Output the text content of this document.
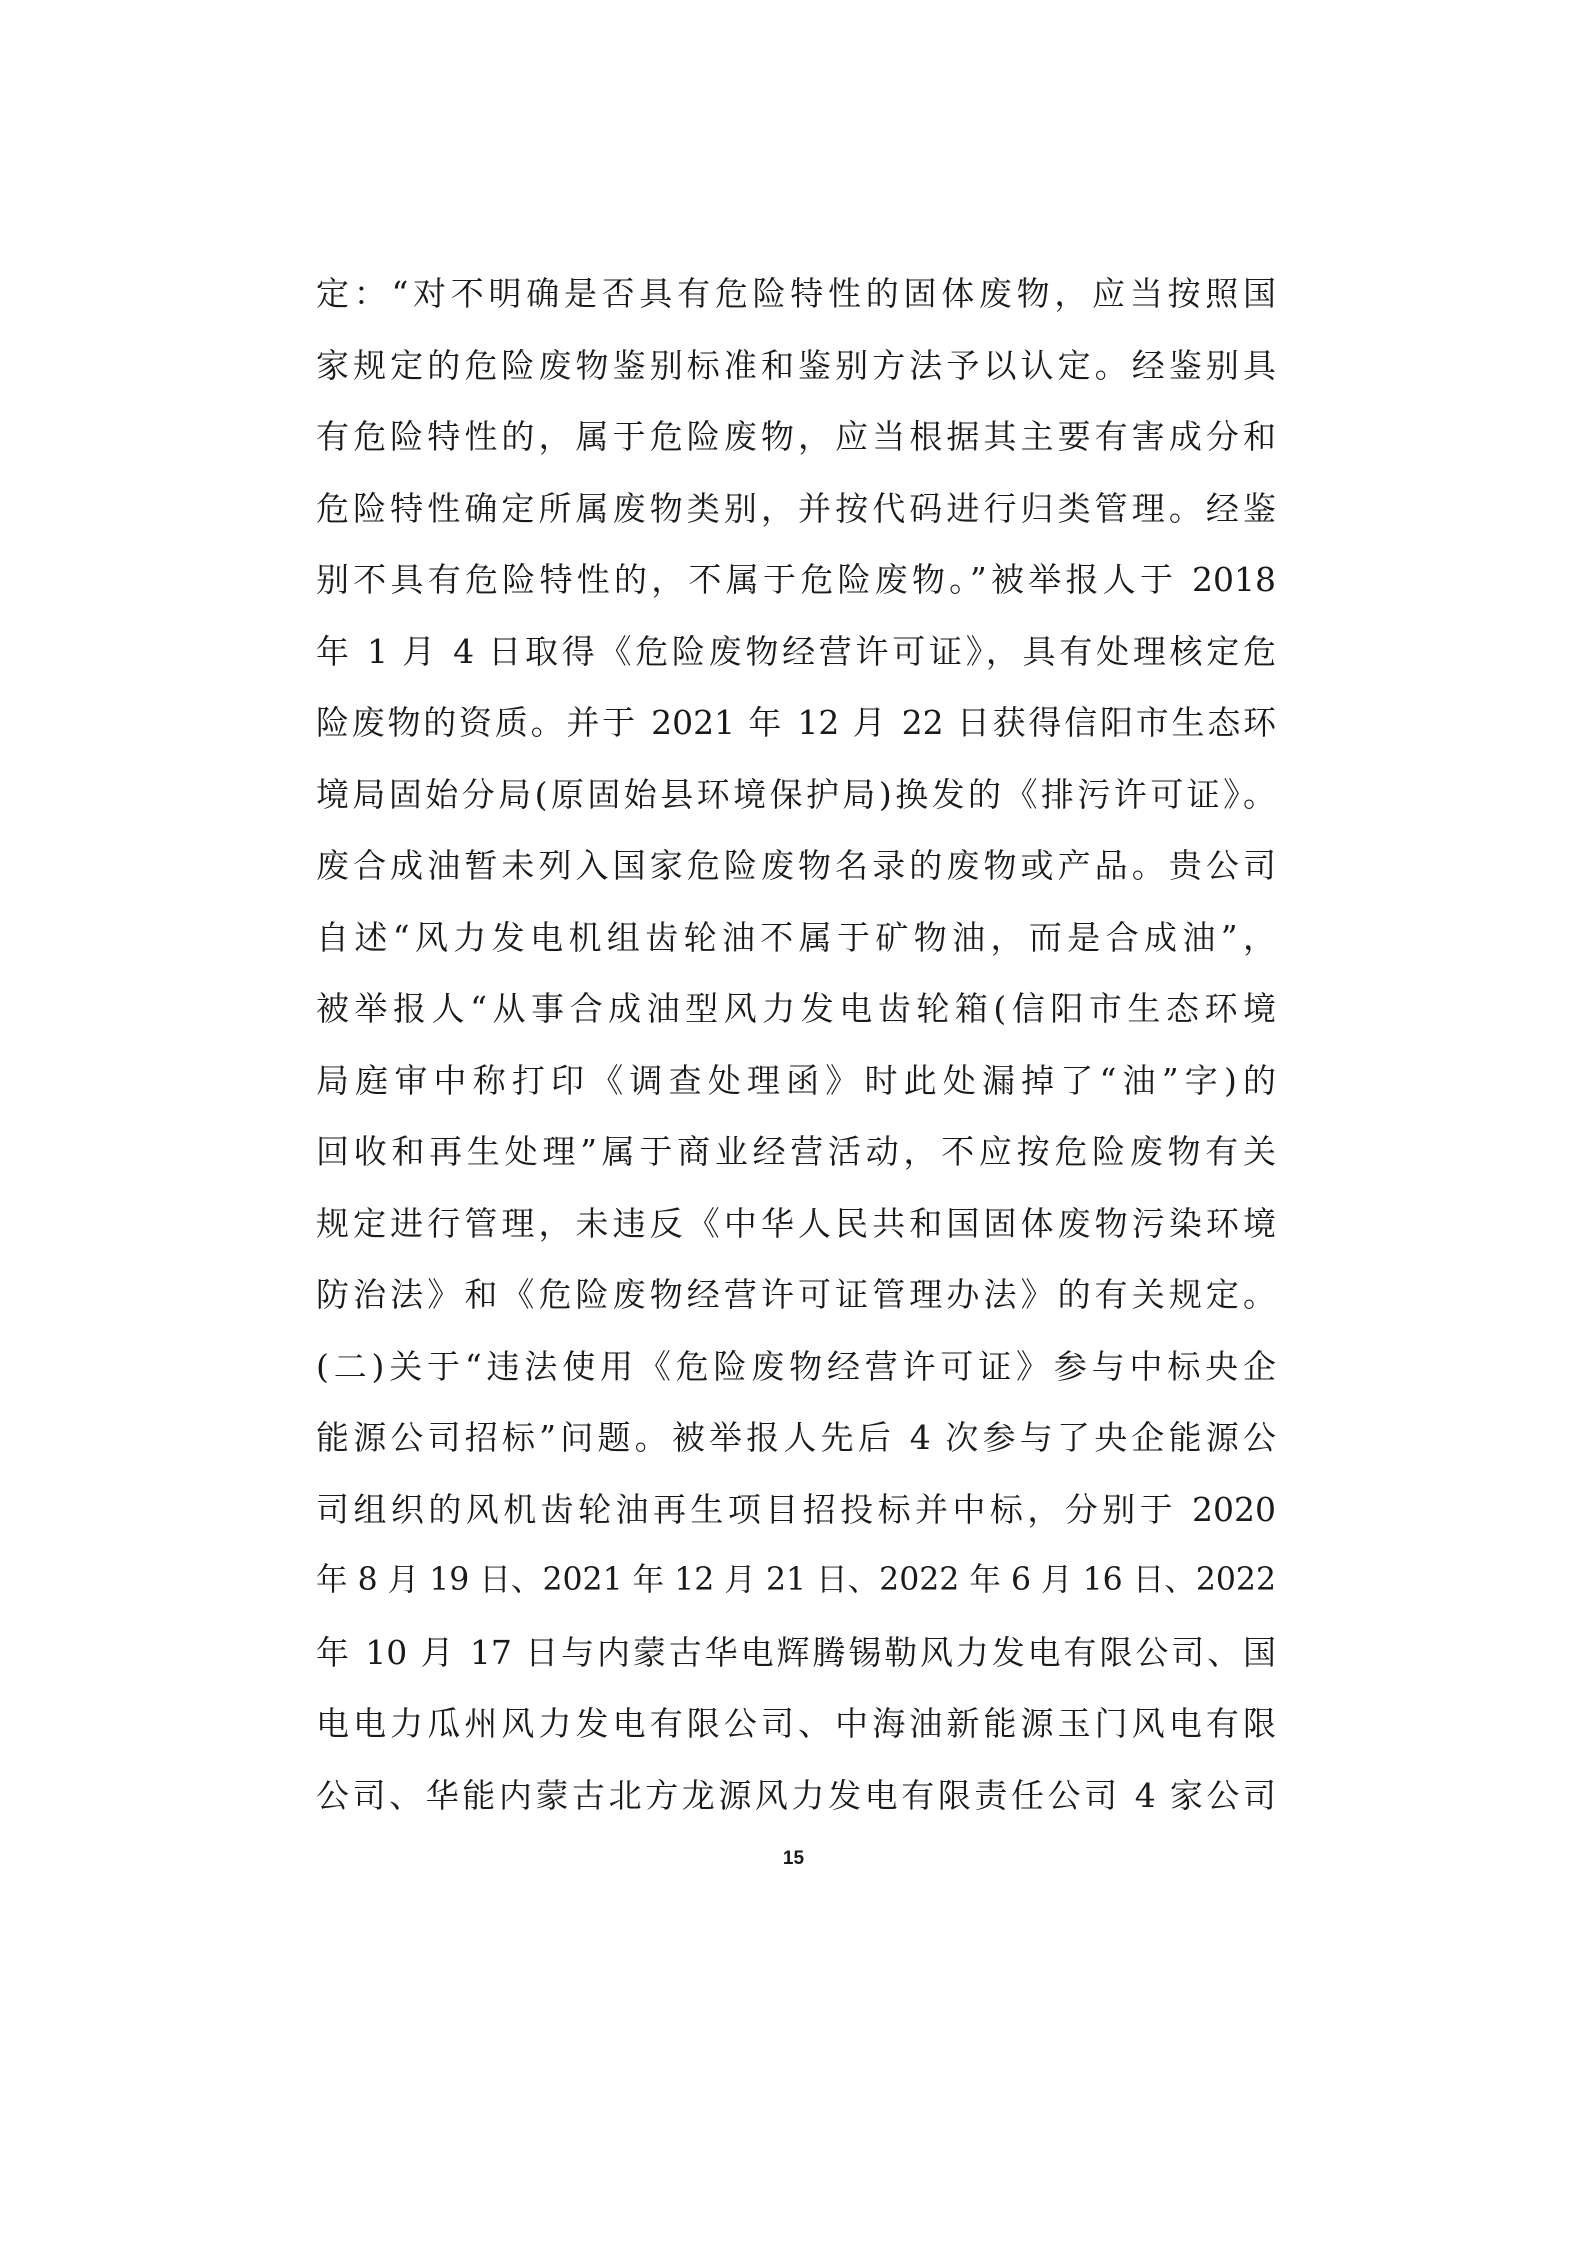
定：“对不明确是否具有危险特性的固体废物，应当按照国
家规定的危险废物鉴别标准和鉴别方法予以认定。经鉴别具
有危险特性的，属于危险废物，应当根据其主要有害成分和
危险特性确定所属废物类别，并按代码进行归类管理。经鉴
别不具有危险特性的，不属于危险废物。”被举报人于 2018
年 1 月 4 日取得《危险废物经营许可证》，具有处理核定危
险废物的资质。并于 2021 年 12 月 22 日获得信阳市生态环
境局固始分局(原固始县环境保护局)换发的《排污许可证》。
废合成油暂未列入国家危险废物名录的废物或产品。贵公司
自述“风力发电机组齿轮油不属于矿物油，而是合成油”，
被举报人“从事合成油型风力发电齿轮箱(信阳市生态环境
局庭审中称打印《调查处理函》时此处漏掉了“油”字)的
回收和再生处理”属于商业经营活动，不应按危险废物有关
规定进行管理，未违反《中华人民共和国固体废物污染环境
防治法》和《危险废物经营许可证管理办法》的有关规定。
(二)关于“违法使用《危险废物经营许可证》参与中标央企
能源公司招标”问题。被举报人先后 4 次参与了央企能源公
司组织的风机齿轮油再生项目招投标并中标，分别于 2020
年 8 月 19 日、2021 年 12 月 21 日、2022 年 6 月 16 日、2022
年 10 月 17 日与内蒙古华电辉腾锡勒风力发电有限公司、国
电电力瓜州风力发电有限公司、中海油新能源玉门风电有限
公司、华能内蒙古北方龙源风力发电有限责任公司 4 家公司
15
